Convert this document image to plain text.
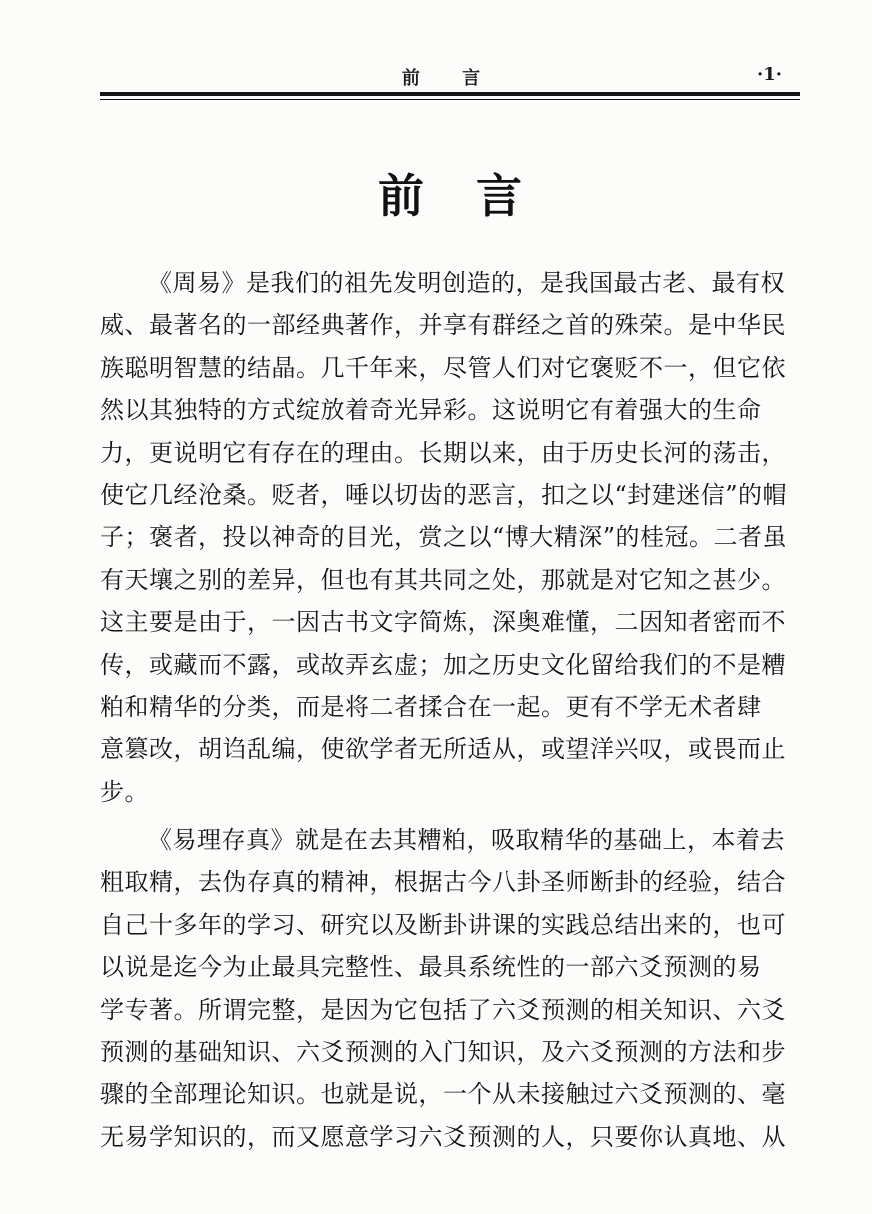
前 言	·1·
前言
《周易》是我们的祖先发明创造的，是我国最古老、最有权
威、最著名的一部经典著作，并享有群经之首的殊荣。是中华民
族聪明智慧的结晶。几千年来，尽管人们对它褒贬不一，但它依
然以其独特的方式绽放着奇光异彩。这说明它有着强大的生命
力，更说明它有存在的理由。长期以来，由于历史长河的荡击，
使它几经沧桑。贬者，唾以切齿的恶言，扣之以“封建迷信”的帽
子；褒者，投以神奇的目光，赏之以“博大精深”的桂冠。二者虽
有天壤之别的差异，但也有其共同之处，那就是对它知之甚少。
这主要是由于，一因古书文字简炼，深奥难懂，二因知者密而不
传，或藏而不露，或故弄玄虚；加之历史文化留给我们的不是糟
粕和精华的分类，而是将二者揉合在一起。更有不学无术者肆
意篡改，胡诌乱编，使欲学者无所适从，或望洋兴叹，或畏而止
步。
《易理存真》就是在去其糟粕，吸取精华的基础上，本着去
粗取精，去伪存真的精神，根据古今八卦圣师断卦的经验，结合
自己十多年的学习、研究以及断卦讲课的实践总结出来的，也可
以说是迄今为止最具完整性、最具系统性的一部六爻预测的易
学专著。所谓完整，是因为它包括了六爻预测的相关知识、六爻
预测的基础知识、六爻预测的入门知识，及六爻预测的方法和步
骤的全部理论知识。也就是说，一个从未接触过六爻预测的、毫
无易学知识的，而又愿意学习六爻预测的人，只要你认真地、从
